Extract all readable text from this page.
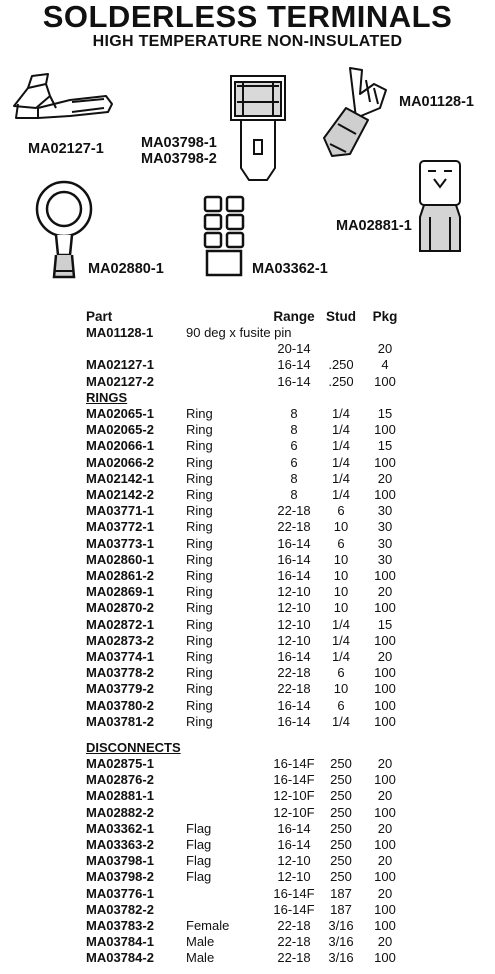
SOLDERLESS TERMINALS
HIGH TEMPERATURE NON-INSULATED
MA02127-1	MA03798-1
MA03798-2
MA01128-1
MA02880-1	MA03362-1
MA02881-1
Part	Range Stud	Pkg
MA01128-1	90 deg x fusite pin
20-14	20
MA02127-1	16-14	.250	4
MA02127-2	16-14	.250	100
RINGS
MA02065-1 Ring	8	1/4	15
MA02065-2 Ring	8	1/4	100
MA02066-1 Ring	6	1/4	15
MA02066-2 Ring	6	1/4	100
MA02142-1 Ring	8	1/4	20
MA02142-2 Ring	8	1/4	100
MA03771-1 Ring	22-18	6	30
MA03772-1 Ring	22-18	10	30
MA03773-1 Ring	16-14	6	30
MA02860-1 Ring	16-14	10	30
MA02861-2 Ring	16-14	10	100
MA02869-1 Ring	12-10	10	20
MA02870-2 Ring	12-10	10	100
MA02872-1 Ring	12-10	1/4	15
MA02873-2 Ring	12-10	1/4	100
MA03774-1 Ring	16-14	1/4	20
MA03778-2 Ring	22-18	6	100
MA03779-2 Ring	22-18	10	100
MA03780-2 Ring	16-14	6	100
MA03781-2 Ring	16-14	1/4	100
DISCONNECTS
MA02875-1	16-14F	250	20
MA02876-2	16-14F	250	100
MA02881-1	12-10F	250	20
MA02882-2	12-10F	250	100
MA03362-1 Flag	16-14	250	20
MA03363-2 Flag	16-14	250	100
MA03798-1 Flag	12-10	250	20
MA03798-2 Flag	12-10	250	100
MA03776-1	16-14F	187	20
MA03782-2	16-14F	187	100
MA03783-2 Female	22-18	3/16	100
MA03784-1 Male	22-18	3/16	20
MA03784-2 Male	22-18	3/16	100
